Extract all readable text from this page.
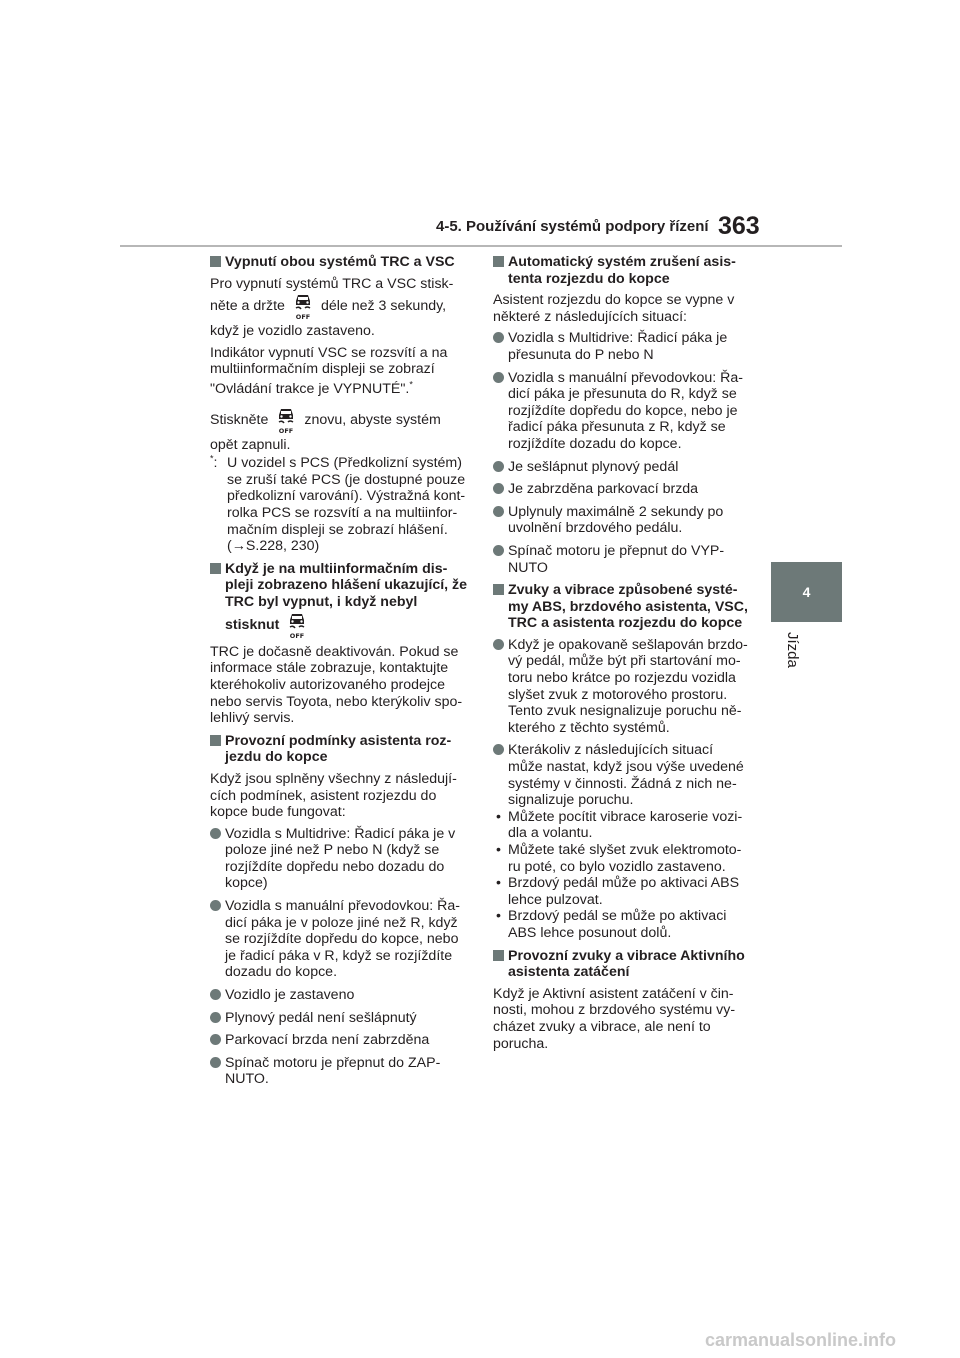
4-5. Používání systémů podpory řízení 363
4
Jízda
Vypnutí obou systémů TRC a VSC

Pro vypnutí systémů TRC a VSC stisk-

něte a držte
OFF
déle než 3 sekundy,

když je vozidlo zastaveno.

Indikátor vypnutí VSC se rozsvítí a na multiinformačním displeji se zobrazí

"Ovládání trakce je VYPNUTÉ".*

Stiskněte
OFF
znovu, abyste systém

opět zapnuli.

*: U vozidel s PCS (Předkolizní systém) se zruší také PCS (je dostupné pouze předkolizní varování). Výstražná kont-rolka PCS se rozsvítí a na multiinfor-mačním displeji se zobrazí hlášení. (→S.228, 230)
Když je na multiinformačním dis-pleji zobrazeno hlášení ukazující, že TRC byl vypnut, i když nebyl
stisknut
OFF

TRC je dočasně deaktivován. Pokud se informace stále zobrazuje, kontaktujte kteréhokoliv autorizovaného prodejce nebo servis Toyota, nebo kterýkoliv spo-lehlivý servis.

Provozní podmínky asistenta roz-jezdu do kopce

Když jsou splněny všechny z následují-cích podmínek, asistent rozjezdu do kopce bude fungovat:

Vozidla s Multidrive: Řadicí páka je v poloze jiné než P nebo N (když se rozjíždíte dopředu nebo dozadu do kopce)
Vozidla s manuální převodovkou: Řa-dicí páka je v poloze jiné než R, když se rozjíždíte dopředu do kopce, nebo je řadicí páka v R, když se rozjíždíte dozadu do kopce.
Vozidlo je zastaveno
Plynový pedál není sešlápnutý
Parkovací brzda není zabrzděna
Spínač motoru je přepnut do ZAP-NUTO.
Automatický systém zrušení asis-tenta rozjezdu do kopce

Asistent rozjezdu do kopce se vypne v některé z následujících situací:

Vozidla s Multidrive: Řadicí páka je přesunuta do P nebo N
Vozidla s manuální převodovkou: Řa-dicí páka je přesunuta do R, když se rozjíždíte dopředu do kopce, nebo je řadicí páka přesunuta z R, když se rozjíždíte dozadu do kopce.
Je sešlápnut plynový pedál
Je zabrzděna parkovací brzda
Uplynuly maximálně 2 sekundy po uvolnění brzdového pedálu.
Spínač motoru je přepnut do VYP-NUTO
Zvuky a vibrace způsobené systé-my ABS, brzdového asistenta, VSC, TRC a asistenta rozjezdu do kopce
Když je opakovaně sešlapován brzdo-vý pedál, může být při startování mo-toru nebo krátce po rozjezdu vozidla slyšet zvuk z motorového prostoru. Tento zvuk nesignalizuje poruchu ně-kterého z těchto systémů.
Kterákoliv z následujících situací může nastat, když jsou výše uvedené systémy v činnosti. Žádná z nich ne-signalizuje poruchu.
• Můžete pocítit vibrace karoserie vozi-dla a volantu.
• Můžete také slyšet zvuk elektromoto-ru poté, co bylo vozidlo zastaveno.
• Brzdový pedál může po aktivaci ABS lehce pulzovat.
• Brzdový pedál se může po aktivaci ABS lehce posunout dolů.
Provozní zvuky a vibrace Aktivního asistenta zatáčení

Když je Aktivní asistent zatáčení v čin-nosti, mohou z brzdového systému vy-cházet zvuky a vibrace, ale není to porucha.

carmanualsonline.info
